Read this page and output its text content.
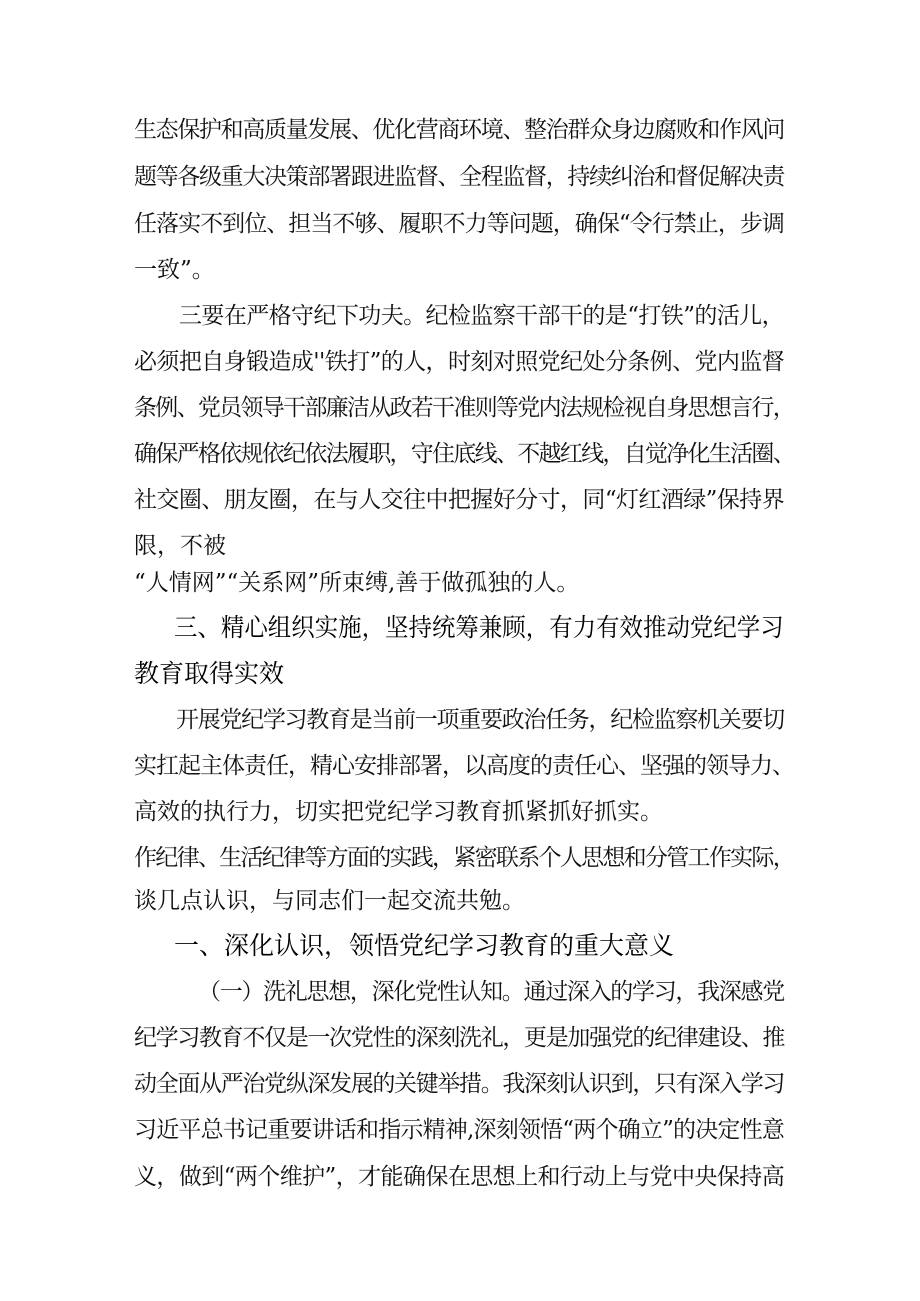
生态保护和高质量发展、优化营商环境、整治群众身边腐败和作风问
题等各级重大决策部署跟进监督、全程监督，持续纠治和督促解决责
任落实不到位、担当不够、履职不力等问题，确保“令行禁止，步调
一致”。
三要在严格守纪下功夫。纪检监察干部干的是“打铁”的活儿，
必须把自身锻造成''铁打”的人，时刻对照党纪处分条例、党内监督
条例、党员领导干部廉洁从政若干准则等党内法规检视自身思想言行，
确保严格依规依纪依法履职，守住底线、不越红线，自觉净化生活圈、
社交圈、朋友圈，在与人交往中把握好分寸，同“灯红酒绿”保持界
限，不被
“人情网”“关系网”所束缚,善于做孤独的人。
三、精心组织实施，坚持统筹兼顾，有力有效推动党纪学习
教育取得实效
开展党纪学习教育是当前一项重要政治任务，纪检监察机关要切
实扛起主体责任，精心安排部署，以高度的责任心、坚强的领导力、
高效的执行力，切实把党纪学习教育抓紧抓好抓实。
作纪律、生活纪律等方面的实践，紧密联系个人思想和分管工作实际，
谈几点认识，与同志们一起交流共勉。
一、深化认识，领悟党纪学习教育的重大意义
（一）洗礼思想，深化党性认知。通过深入的学习，我深感党
纪学习教育不仅是一次党性的深刻洗礼，更是加强党的纪律建设、推
动全面从严治党纵深发展的关键举措。我深刻认识到，只有深入学习
习近平总书记重要讲话和指示精神,深刻领悟“两个确立”的决定性意
义，做到“两个维护”，才能确保在思想上和行动上与党中央保持高
